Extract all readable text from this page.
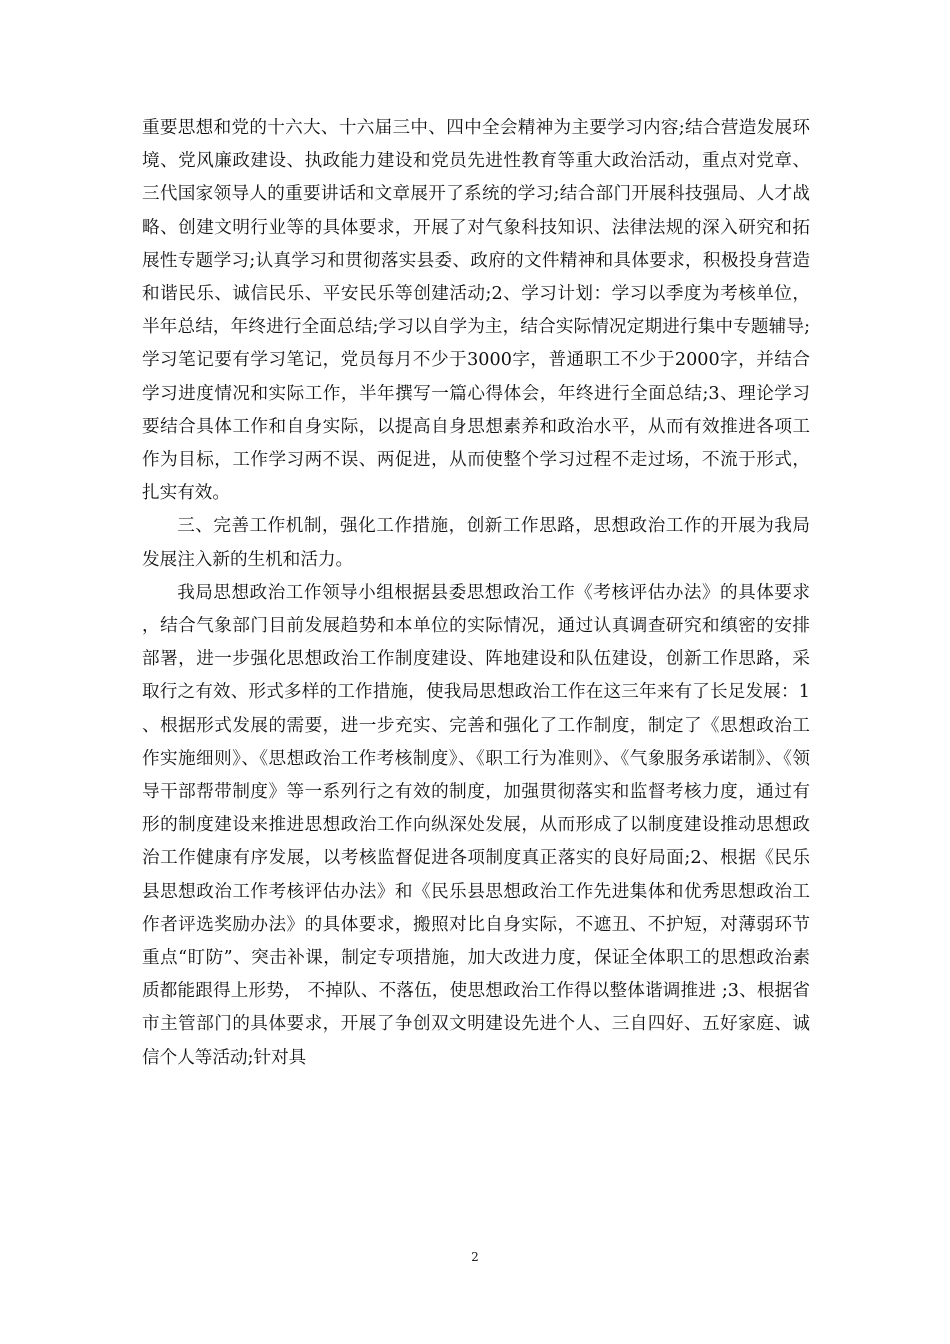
重要思想和党的十六大、十六届三中、四中全会精神为主要学习内容;结合营造发展环境、党风廉政建设、执政能力建设和党员先进性教育等重大政治活动，重点对党章、三代国家领导人的重要讲话和文章展开了系统的学习;结合部门开展科技强局、人才战略、创建文明行业等的具体要求，开展了对气象科技知识、法律法规的深入研究和拓展性专题学习;认真学习和贯彻落实县委、政府的文件精神和具体要求，积极投身营造和谐民乐、诚信民乐、平安民乐等创建活动;2、学习计划：学习以季度为考核单位，半年总结，年终进行全面总结;学习以自学为主，结合实际情况定期进行集中专题辅导;学习笔记要有学习笔记，党员每月不少于3000字，普通职工不少于2000字，并结合学习进度情况和实际工作，半年撰写一篇心得体会，年终进行全面总结;3、理论学习要结合具体工作和自身实际，以提高自身思想素养和政治水平，从而有效推进各项工作为目标，工作学习两不误、两促进，从而使整个学习过程不走过场，不流于形式，扎实有效。

三、完善工作机制，强化工作措施，创新工作思路，思想政治工作的开展为我局发展注入新的生机和活力。

我局思想政治工作领导小组根据县委思想政治工作《考核评估办法》的具体要求，结合气象部门目前发展趋势和本单位的实际情况，通过认真调查研究和缜密的安排部署，进一步强化思想政治工作制度建设、阵地建设和队伍建设，创新工作思路，采取行之有效、形式多样的工作措施，使我局思想政治工作在这三年来有了长足发展：1、根据形式发展的需要，进一步充实、完善和强化了工作制度，制定了《思想政治工作实施细则》、《思想政治工作考核制度》、《职工行为准则》、《气象服务承诺制》、《领导干部帮带制度》等一系列行之有效的制度，加强贯彻落实和监督考核力度，通过有形的制度建设来推进思想政治工作向纵深处发展，从而形成了以制度建设推动思想政治工作健康有序发展，以考核监督促进各项制度真正落实的良好局面;2、根据《民乐县思想政治工作考核评估办法》和《民乐县思想政治工作先进集体和优秀思想政治工作者评选奖励办法》的具体要求，搬照对比自身实际，不遮丑、不护短，对薄弱环节重点“盯防”、突击补课，制定专项措施，加大改进力度，保证全体职工的思想政治素质都能跟得上形势， 不掉队、不落伍，使思想政治工作得以整体谐调推进 ;3、根据省市主管部门的具体要求，开展了争创双文明建设先进个人、三自四好、五好家庭、诚信个人等活动;针对具

2
